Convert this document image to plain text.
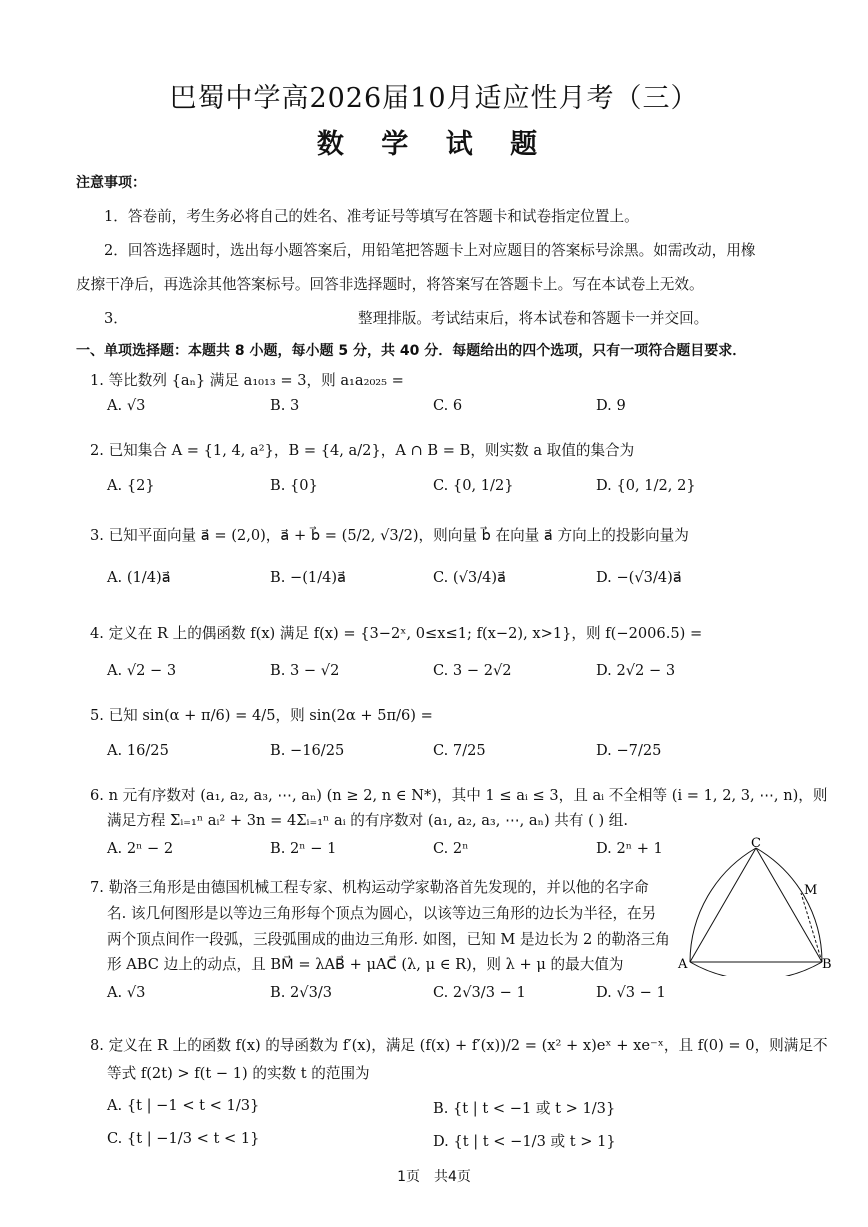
巴蜀中学高2026届10月适应性月考（三）
数 学 试 题
注意事项：
1．答卷前，考生务必将自己的姓名、准考证号等填写在答题卡和试卷指定位置上。
2．回答选择题时，选出每小题答案后，用铅笔把答题卡上对应题目的答案标号涂黑。如需改动，用橡
皮擦干净后，再选涂其他答案标号。回答非选择题时，将答案写在答题卡上。写在本试卷上无效。
3．	整理排版。考试结束后，将本试卷和答题卡一并交回。
一、单项选择题：本题共 8 小题，每小题 5 分，共 40 分．每题给出的四个选项，只有一项符合题目要求．
1. 等比数列 {aₙ} 满足 a₁₀₁₃ = 3，则 a₁a₂₀₂₅ =
A. √3	B. 3	C. 6	D. 9
2. 已知集合 A = {1, 4, a²}，B = {4, a/2}，A ∩ B = B，则实数 a 取值的集合为
A. {2}	B. {0}	C. {0, 1/2}	D. {0, 1/2, 2}
3. 已知平面向量 a⃗ = (2,0)，a⃗ + b⃗ = (5/2, √3/2)，则向量 b⃗ 在向量 a⃗ 方向上的投影向量为
A. (1/4)a⃗	B. −(1/4)a⃗	C. (√3/4)a⃗	D. −(√3/4)a⃗
4. 定义在 R 上的偶函数 f(x) 满足 f(x) = {3−2ˣ, 0≤x≤1; f(x−2), x>1}，则 f(−2006.5) =
A. √2 − 3	B. 3 − √2	C. 3 − 2√2	D. 2√2 − 3
5. 已知 sin(α + π/6) = 4/5，则 sin(2α + 5π/6) =
A. 16/25	B. −16/25	C. 7/25	D. −7/25
6. n 元有序数对 (a₁, a₂, a₃, ⋯, aₙ) (n ≥ 2, n ∈ N*)，其中 1 ≤ aᵢ ≤ 3，且 aᵢ 不全相等 (i = 1, 2, 3, ⋯, n)，则
满足方程 Σᵢ₌₁ⁿ aᵢ² + 3n = 4Σᵢ₌₁ⁿ aᵢ 的有序数对 (a₁, a₂, a₃, ⋯, aₙ) 共有 ( ) 组.
A. 2ⁿ − 2	B. 2ⁿ − 1	C. 2ⁿ	D. 2ⁿ + 1
7. 勒洛三角形是由德国机械工程专家、机构运动学家勒洛首先发现的，并以他的名字命
名. 该几何图形是以等边三角形每个顶点为圆心，以该等边三角形的边长为半径，在另
两个顶点间作一段弧，三段弧围成的曲边三角形. 如图，已知 M 是边长为 2 的勒洛三角
形 ABC 边上的动点，且 BM⃗ = λAB⃗ + μAC⃗ (λ, μ ∈ R)，则 λ + μ 的最大值为
A. √3	B. 2√3/3	C. 2√3/3 − 1	D. √3 − 1
A	B
C
M
8. 定义在 R 上的函数 f(x) 的导函数为 f′(x)，满足 (f(x) + f′(x))/2 = (x² + x)eˣ + xe⁻ˣ，且 f(0) = 0，则满足不
等式 f(2t) > f(t − 1) 的实数 t 的范围为
A. {t | −1 < t < 1/3}	B. {t | t < −1 或 t > 1/3}
C. {t | −1/3 < t < 1}	D. {t | t < −1/3 或 t > 1}
1页　共4页
